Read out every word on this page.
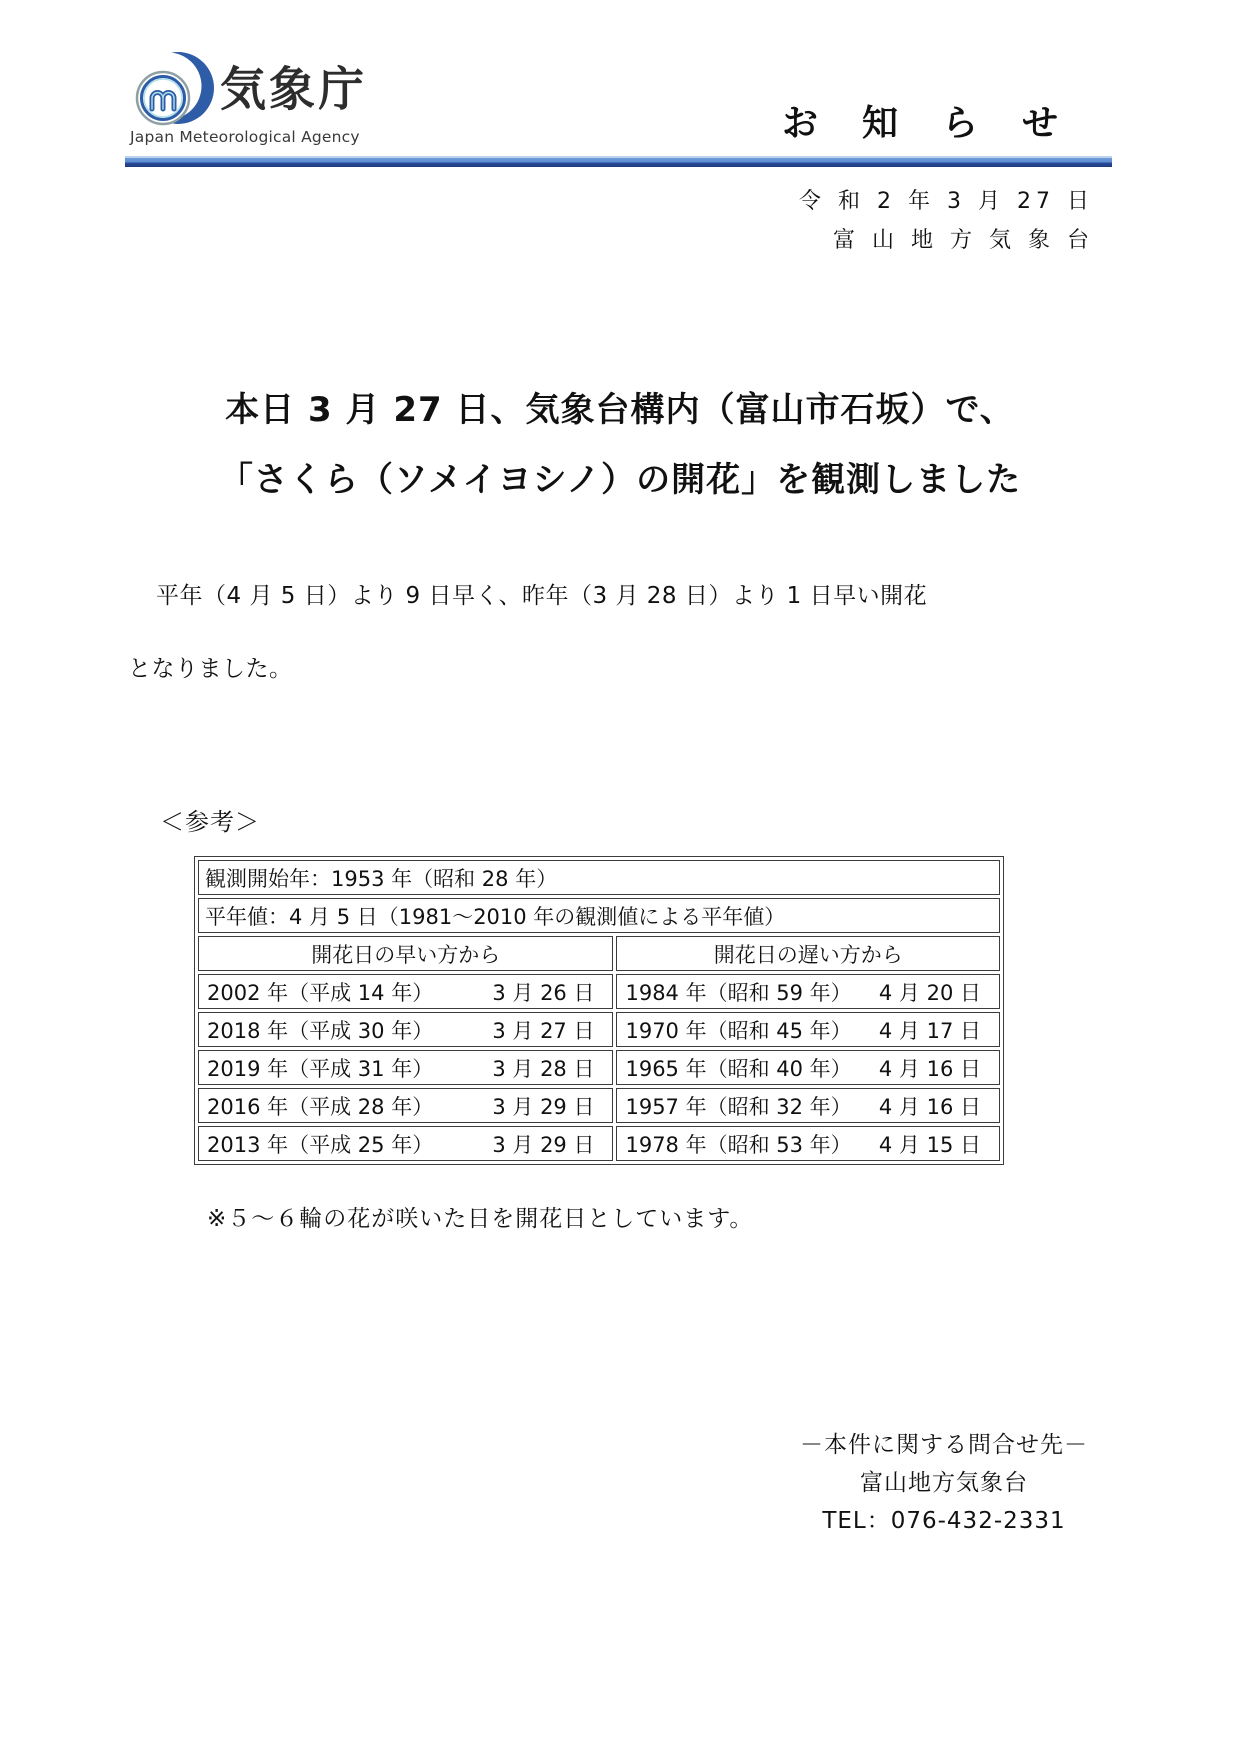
気象庁
Japan Meteorological Agency	お　知　ら　せ
令 和 2 年 3 月 27 日
富 山 地 方 気 象 台
本日 3 月 27 日、気象台構内（富山市石坂）で、
「さくら（ソメイヨシノ）の開花」を観測しました
平年（4 月 5 日）より 9 日早く、昨年（3 月 28 日）より 1 日早い開花
となりました。
＜参考＞
観測開始年：1953 年（昭和 28 年）	
平年値：4 月 5 日（1981～2010 年の観測値による平年値）	
開花日の早い方から	開花日の遅い方から

2002 年（平成 14 年） 3 月 26 日	1984 年（昭和 59 年） 4 月 20 日

2018 年（平成 30 年） 3 月 27 日	1970 年（昭和 45 年） 4 月 17 日

2019 年（平成 31 年） 3 月 28 日	1965 年（昭和 40 年） 4 月 16 日

2016 年（平成 28 年） 3 月 29 日	1957 年（昭和 32 年） 4 月 16 日

2013 年（平成 25 年） 3 月 29 日	1978 年（昭和 53 年） 4 月 15 日
※５～６輪の花が咲いた日を開花日としています。
－本件に関する問合せ先－
富山地方気象台
TEL：076-432-2331
